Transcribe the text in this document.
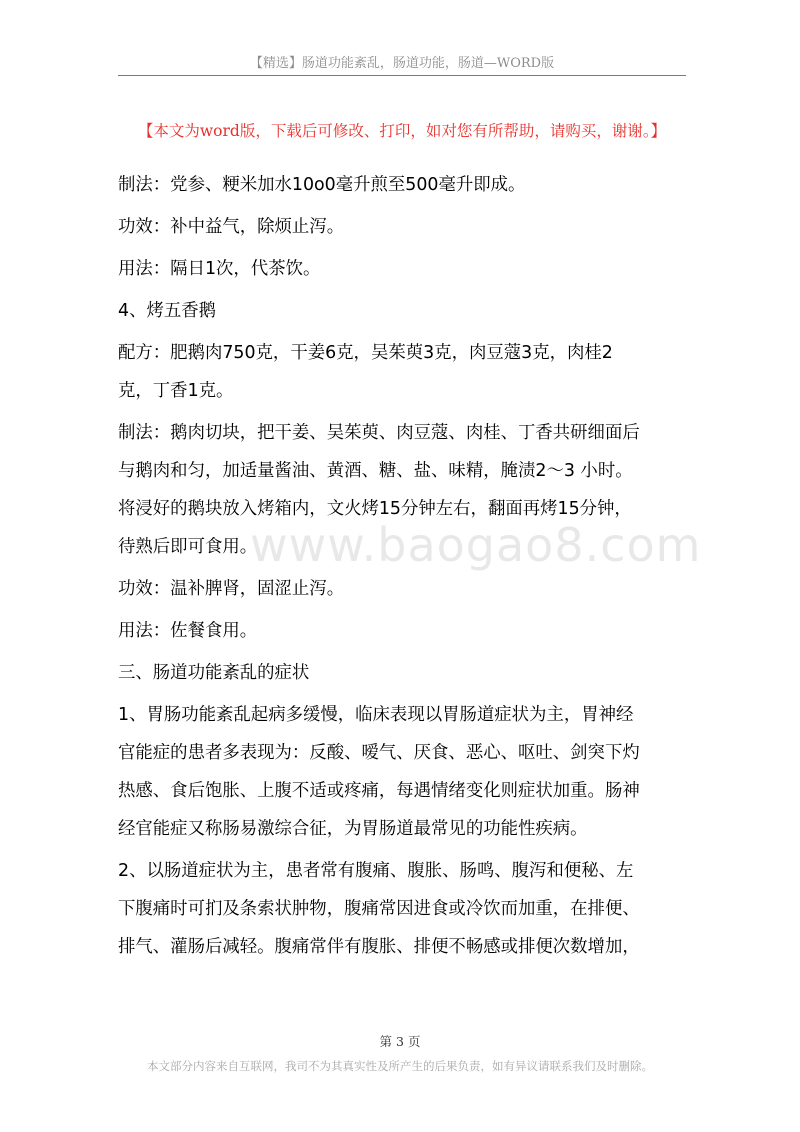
【精选】肠道功能紊乱，肠道功能，肠道—WORD版
【本文为word版，下载后可修改、打印，如对您有所帮助，请购买，谢谢。】
www.baogao8.com

制法：党参、粳米加水10o0毫升煎至500毫升即成。

功效：补中益气，除烦止泻。

用法：隔日1次，代茶饮。

4、烤五香鹅

配方：肥鹅肉750克，干姜6克，吴茱萸3克，肉豆蔻3克，肉桂2

克，丁香1克。

制法：鹅肉切块，把干姜、吴茱萸、肉豆蔻、肉桂、丁香共研细面后

与鹅肉和匀，加适量酱油、黄酒、糖、盐、味精，腌渍2～3 小时。

将浸好的鹅块放入烤箱内，文火烤15分钟左右，翻面再烤15分钟，

待熟后即可食用。

功效：温补脾肾，固涩止泻。

用法：佐餐食用。

三、肠道功能紊乱的症状

1、胃肠功能紊乱起病多缓慢，临床表现以胃肠道症状为主，胃神经

官能症的患者多表现为：反酸、嗳气、厌食、恶心、呕吐、剑突下灼

热感、食后饱胀、上腹不适或疼痛，每遇情绪变化则症状加重。肠神

经官能症又称肠易激综合征，为胃肠道最常见的功能性疾病。

2、以肠道症状为主，患者常有腹痛、腹胀、肠鸣、腹泻和便秘、左

下腹痛时可扪及条索状肿物，腹痛常因进食或冷饮而加重，在排便、

排气、灌肠后减轻。腹痛常伴有腹胀、排便不畅感或排便次数增加，

第 3 页
本文部分内容来自互联网，我司不为其真实性及所产生的后果负责，如有异议请联系我们及时删除。
